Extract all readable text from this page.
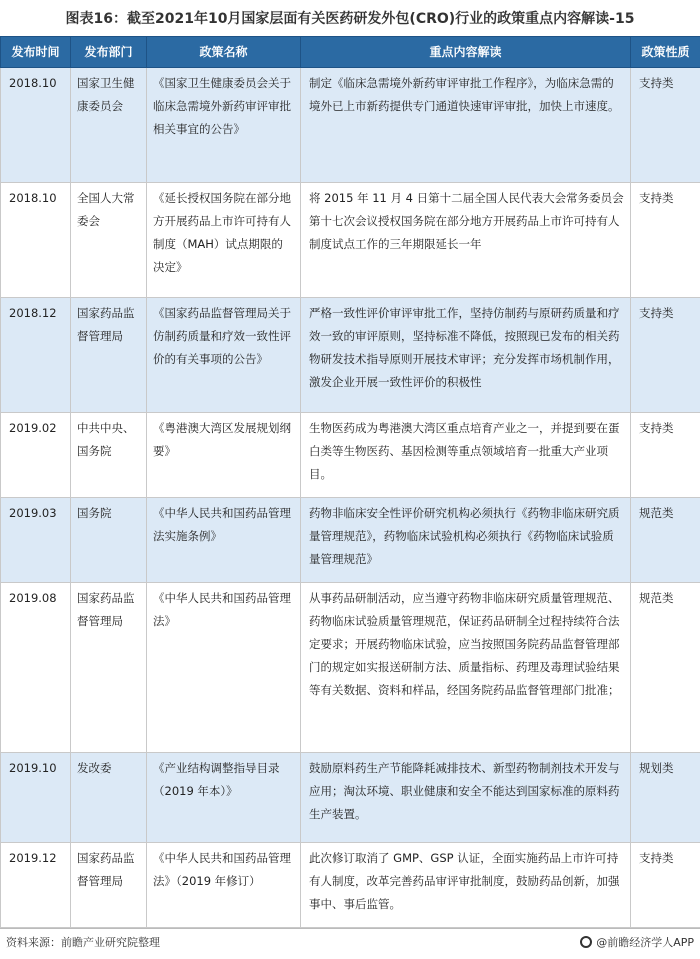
图表16：截至2021年10月国家层面有关医药研发外包(CRO)行业的政策重点内容解读-15
发布时间	发布部门	政策名称	重点内容解读	政策性质
2018.10	国家卫生健康委员会	《国家卫生健康委员会关于临床急需境外新药审评审批相关事宜的公告》	制定《临床急需境外新药审评审批工作程序》，为临床急需的境外已上市新药提供专门通道快速审评审批，加快上市速度。	支持类
2018.10	全国人大常委会	《延长授权国务院在部分地方开展药品上市许可持有人制度（MAH）试点期限的决定》	将 2015 年 11 月 4 日第十二届全国人民代表大会常务委员会第十七次会议授权国务院在部分地方开展药品上市许可持有人制度试点工作的三年期限延长一年	支持类
2018.12	国家药品监督管理局	《国家药品监督管理局关于仿制药质量和疗效一致性评价的有关事项的公告》	严格一致性评价审评审批工作，坚持仿制药与原研药质量和疗效一致的审评原则，坚持标准不降低，按照现已发布的相关药物研发技术指导原则开展技术审评；充分发挥市场机制作用，激发企业开展一致性评价的积极性	支持类
2019.02	中共中央、国务院	《粤港澳大湾区发展规划纲要》	生物医药成为粤港澳大湾区重点培育产业之一，并提到要在蛋白类等生物医药、基因检测等重点领域培育一批重大产业项目。	支持类
2019.03	国务院	《中华人民共和国药品管理法实施条例》	药物非临床安全性评价研究机构必须执行《药物非临床研究质量管理规范》，药物临床试验机构必须执行《药物临床试验质量管理规范》	规范类
2019.08	国家药品监督管理局	《中华人民共和国药品管理法》	从事药品研制活动，应当遵守药物非临床研究质量管理规范、药物临床试验质量管理规范，保证药品研制全过程持续符合法定要求；开展药物临床试验，应当按照国务院药品监督管理部门的规定如实报送研制方法、质量指标、药理及毒理试验结果等有关数据、资料和样品，经国务院药品监督管理部门批准；	规范类
2019.10	发改委	《产业结构调整指导目录（2019 年本）》	鼓励原料药生产节能降耗减排技术、新型药物制剂技术开发与应用；淘汰环境、职业健康和安全不能达到国家标准的原料药生产装置。	规划类
2019.12	国家药品监督管理局	《中华人民共和国药品管理法》（2019 年修订）	此次修订取消了 GMP、GSP 认证，全面实施药品上市许可持有人制度，改革完善药品审评审批制度，鼓励药品创新，加强事中、事后监管。	支持类
资料来源：前瞻产业研究院整理	@前瞻经济学人APP
